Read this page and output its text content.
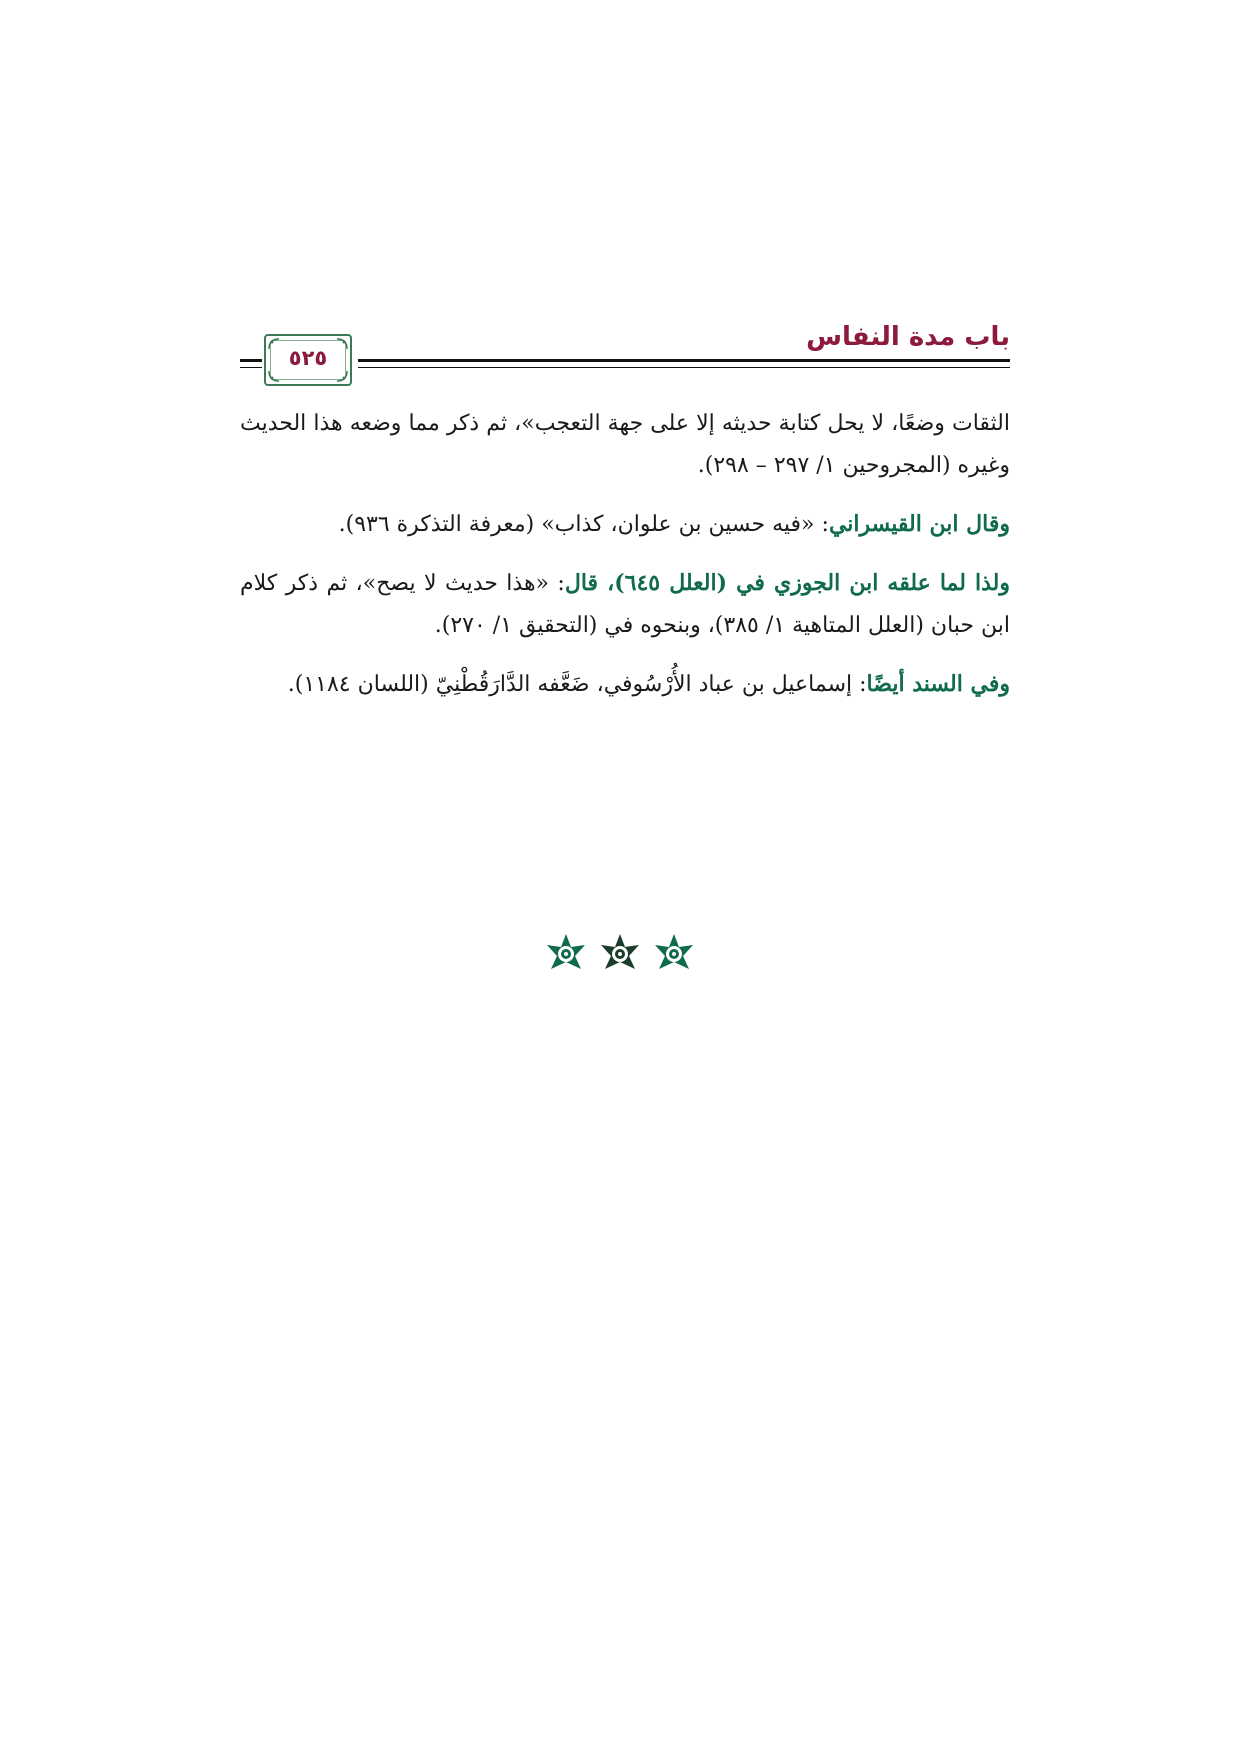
٥٢٥
باب مدة النفاس

الثقات وضعًا، لا يحل كتابة حديثه إلا على جهة التعجب»، ثم ذكر مما وضعه هذا الحديث وغيره (المجروحين ١/ ٢٩٧ – ٢٩٨).

وقال ابن القيسراني: «فيه حسين بن علوان، كذاب» (معرفة التذكرة ٩٣٦).

ولذا لما علقه ابن الجوزي في (العلل ٦٤٥)، قال: «هذا حديث لا يصح»، ثم ذكر كلام ابن حبان (العلل المتاهية ١/ ٣٨٥)، وبنحوه في (التحقيق ١/ ٢٧٠).

وفي السند أيضًا: إسماعيل بن عباد الأُرْسُوفي، ضَعَّفه الدَّارَقُطْنِيّ (اللسان ١١٨٤).
